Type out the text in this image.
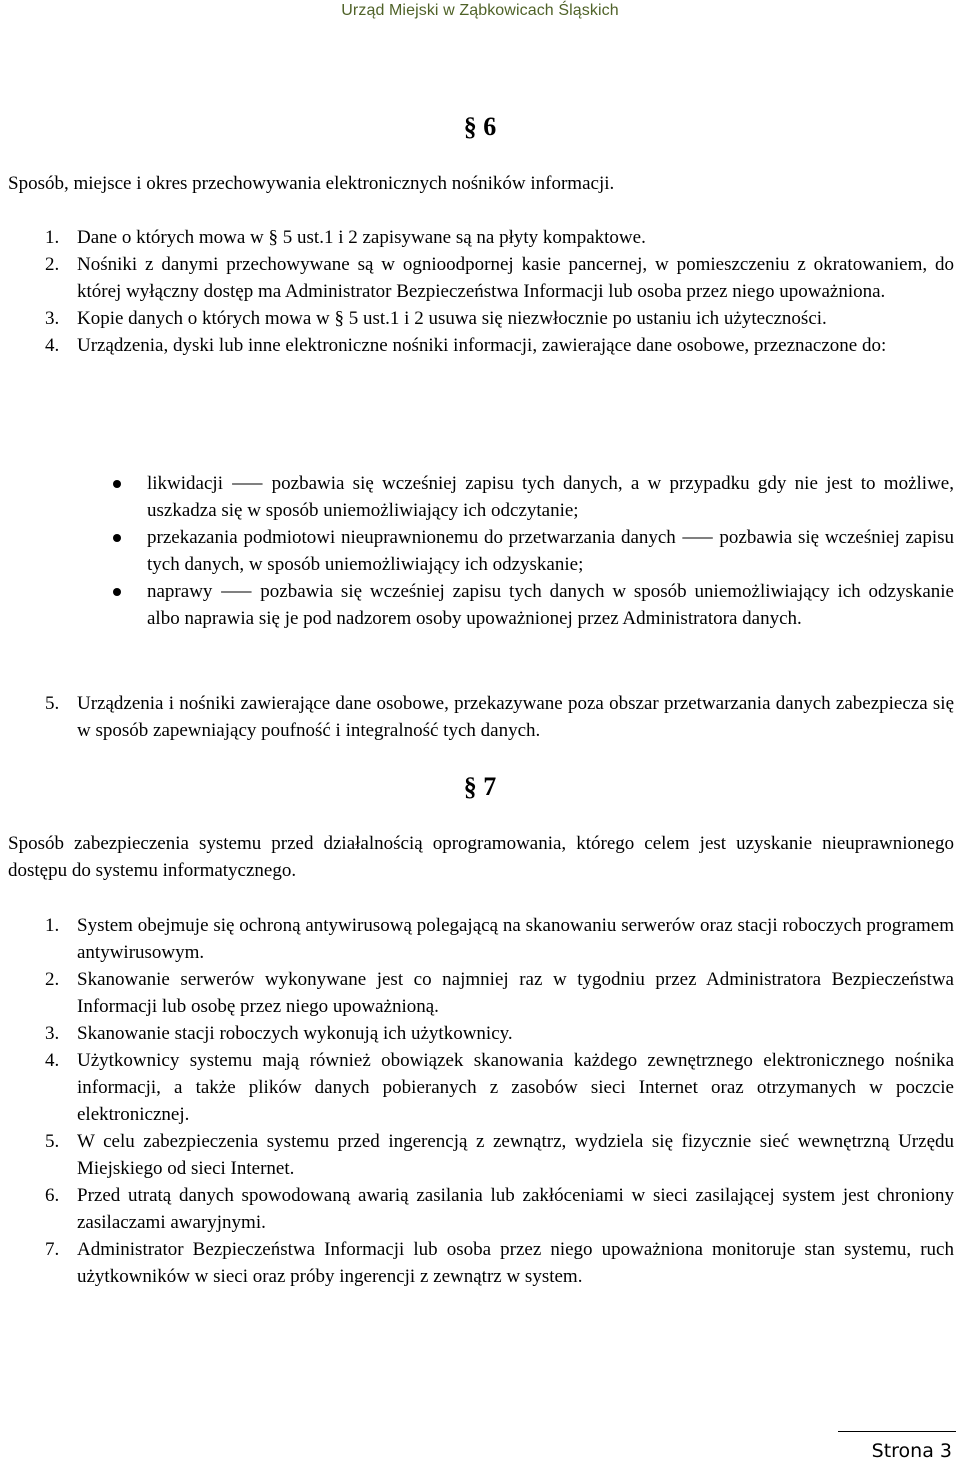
Urząd Miejski w Ząbkowicach Śląskich
§ 6
Sposób, miejsce i okres przechowywania elektronicznych nośników informacji.
1. Dane o których mowa w § 5 ust.1 i 2 zapisywane są na płyty kompaktowe.
2. Nośniki z danymi przechowywane są w ognioodpornej kasie pancernej, w pomieszczeniu z okratowaniem, do której wyłączny dostęp ma Administrator Bezpieczeństwa Informacji lub osoba przez niego upoważniona.
3. Kopie danych o których mowa w § 5 ust.1 i 2 usuwa się niezwłocznie po ustaniu ich użyteczności.
4. Urządzenia, dyski lub inne elektroniczne nośniki informacji, zawierające dane osobowe, przeznaczone do:
likwidacji ⸺ pozbawia się wcześniej zapisu tych danych, a w przypadku gdy nie jest to możliwe, uszkadza się w sposób uniemożliwiający ich odczytanie;
przekazania podmiotowi nieuprawnionemu do przetwarzania danych ⸺ pozbawia się wcześniej zapisu tych danych, w sposób uniemożliwiający ich odzyskanie;
naprawy ⸺ pozbawia się wcześniej zapisu tych danych w sposób uniemożliwiający ich odzyskanie albo naprawia się je pod nadzorem osoby upoważnionej przez Administratora danych.
5. Urządzenia i nośniki zawierające dane osobowe, przekazywane poza obszar przetwarzania danych zabezpiecza się w sposób zapewniający poufność i integralność tych danych.
§ 7
Sposób zabezpieczenia systemu przed działalnością oprogramowania, którego celem jest uzyskanie nieuprawnionego dostępu do systemu informatycznego.
1. System obejmuje się ochroną antywirusową polegającą na skanowaniu serwerów oraz stacji roboczych programem antywirusowym.
2. Skanowanie serwerów wykonywane jest co najmniej raz w tygodniu przez Administratora Bezpieczeństwa Informacji lub osobę przez niego upoważnioną.
3. Skanowanie stacji roboczych wykonują ich użytkownicy.
4. Użytkownicy systemu mają również obowiązek skanowania każdego zewnętrznego elektronicznego nośnika informacji, a także plików danych pobieranych z zasobów sieci Internet oraz otrzymanych w poczcie elektronicznej.
5. W celu zabezpieczenia systemu przed ingerencją z zewnątrz, wydziela się fizycznie sieć wewnętrzną Urzędu Miejskiego od sieci Internet.
6. Przed utratą danych spowodowaną awarią zasilania lub zakłóceniami w sieci zasilającej system jest chroniony zasilaczami awaryjnymi.
7. Administrator Bezpieczeństwa Informacji lub osoba przez niego upoważniona monitoruje stan systemu, ruch użytkowników w sieci oraz próby ingerencji z zewnątrz w system.
Strona 3
